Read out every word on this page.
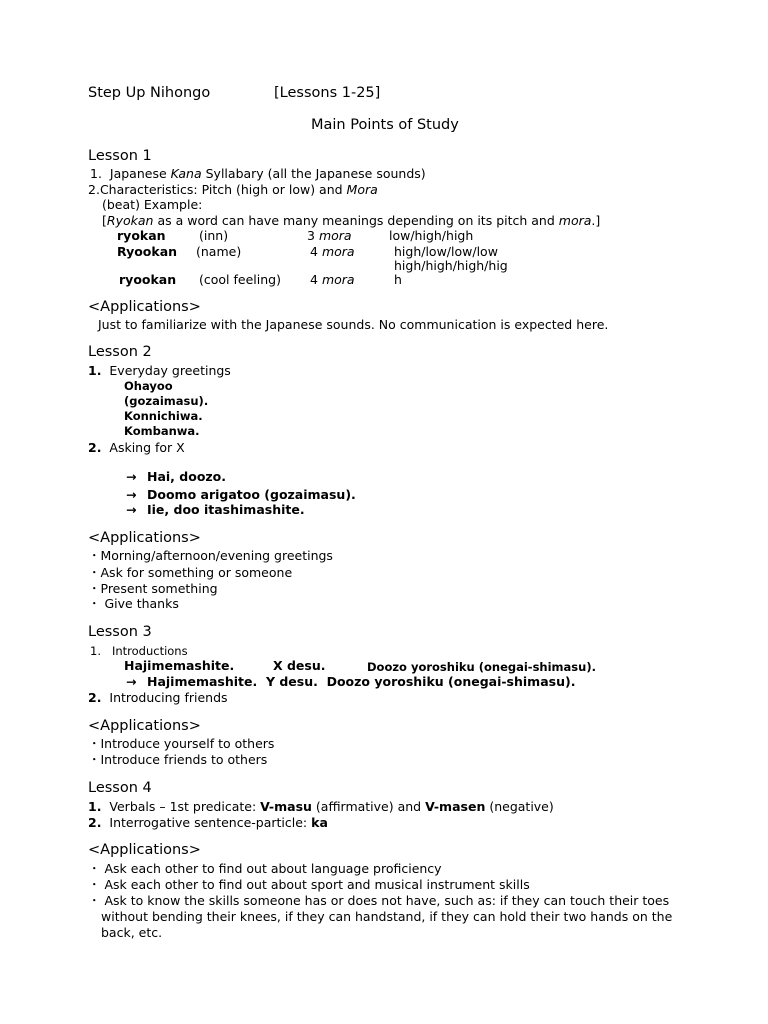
Step Up Nihongo	[Lessons 1-25]
Main Points of Study
Lesson 1
1. Japanese Kana Syllabary (all the Japanese sounds)
2.Characteristics: Pitch (high or low) and Mora
(beat) Example:
[Ryokan as a word can have many meanings depending on its pitch and mora.]
ryokan	(inn)	3 mora	low/high/high
Ryookan (name)	4 mora	high/low/low/low
high/high/high/hig
ryookan (cool feeling) 4 mora	h
<Applications>
Just to familiarize with the Japanese sounds. No communication is expected here.
Lesson 2
1. Everyday greetings
Ohayoo
(gozaimasu).
Konnichiwa.
Kombanwa.
2. Asking for X
→ Hai, doozo.
→ Doomo arigatoo (gozaimasu).
→ Iie, doo itashimashite.
<Applications>
・Morning/afternoon/evening greetings
・Ask for something or someone
・Present something
・ Give thanks
Lesson 3
1. Introductions
Hajimemashite.	X desu.	Doozo yoroshiku (onegai-shimasu).
→ Hajimemashite.  Y desu.  Doozo yoroshiku (onegai-shimasu).
2. Introducing friends
<Applications>
・Introduce yourself to others
・Introduce friends to others
Lesson 4
1. Verbals – 1st predicate: V-masu (affirmative) and V-masen (negative)
2. Interrogative sentence-particle: ka
<Applications>
・ Ask each other to find out about language proficiency
・ Ask each other to find out about sport and musical instrument skills
・ Ask to know the skills someone has or does not have, such as: if they can touch their toes
without bending their knees, if they can handstand, if they can hold their two hands on the
back, etc.
